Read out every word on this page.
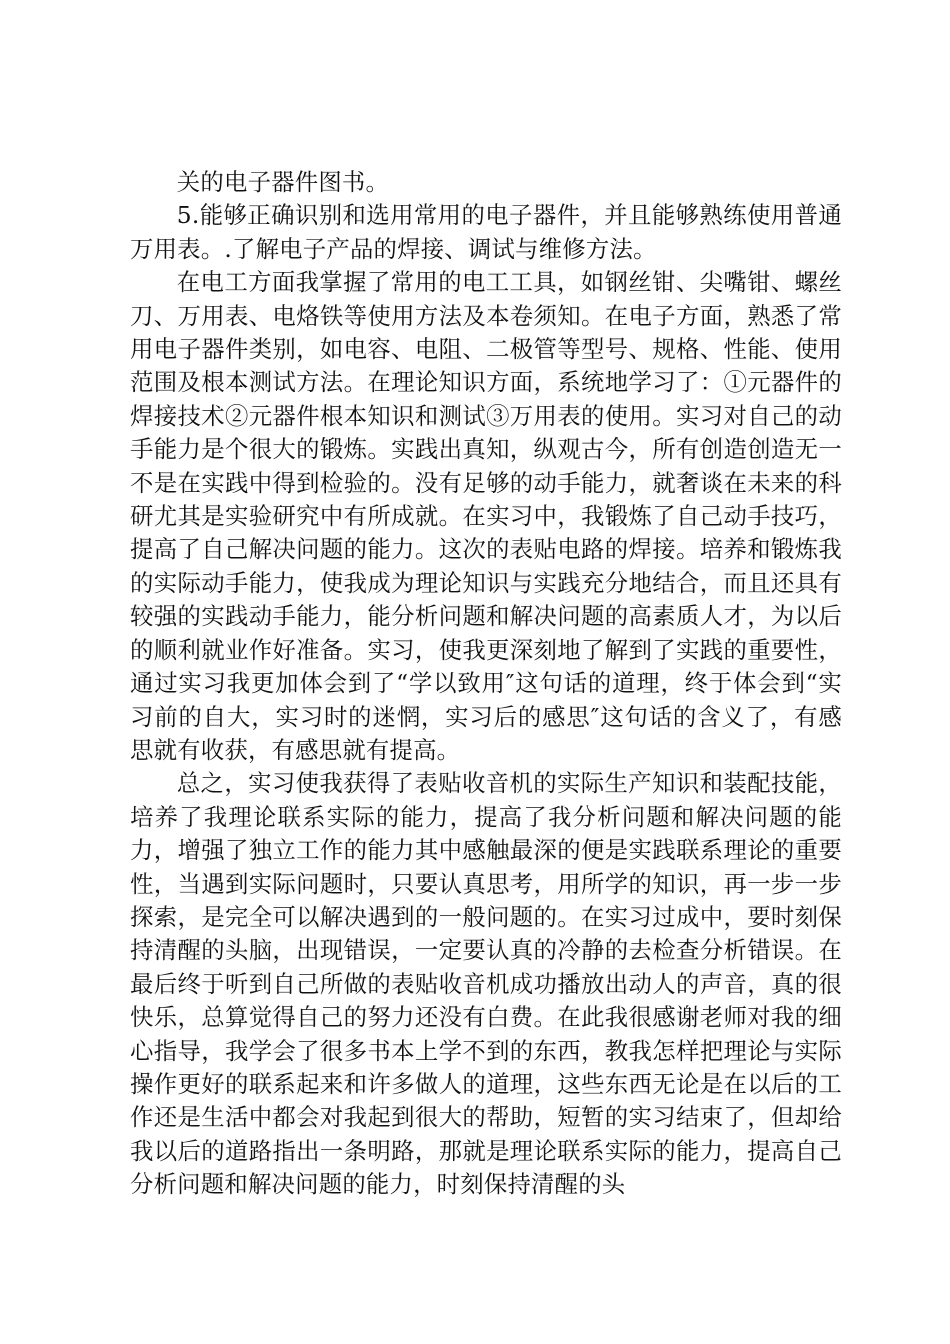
关的电子器件图书。

5.能够正确识别和选用常用的电子器件，并且能够熟练使用普通万用表。.了解电子产品的焊接、调试与维修方法。

在电工方面我掌握了常用的电工工具，如钢丝钳、尖嘴钳、螺丝刀、万用表、电烙铁等使用方法及本卷须知。在电子方面，熟悉了常用电子器件类别，如电容、电阻、二极管等型号、规格、性能、使用范围及根本测试方法。在理论知识方面，系统地学习了：①元器件的焊接技术②元器件根本知识和测试③万用表的使用。实习对自己的动手能力是个很大的锻炼。实践出真知，纵观古今，所有创造创造无一不是在实践中得到检验的。没有足够的动手能力，就奢谈在未来的科研尤其是实验研究中有所成就。在实习中，我锻炼了自己动手技巧，提高了自己解决问题的能力。这次的表贴电路的焊接。培养和锻炼我的实际动手能力，使我成为理论知识与实践充分地结合，而且还具有较强的实践动手能力，能分析问题和解决问题的高素质人才，为以后的顺利就业作好准备。实习，使我更深刻地了解到了实践的重要性，通过实习我更加体会到了“学以致用″这句话的道理，终于体会到“实习前的自大，实习时的迷惘，实习后的感思″这句话的含义了，有感思就有收获，有感思就有提高。

总之，实习使我获得了表贴收音机的实际生产知识和装配技能，培养了我理论联系实际的能力，提高了我分析问题和解决问题的能力，增强了独立工作的能力其中感触最深的便是实践联系理论的重要性，当遇到实际问题时，只要认真思考，用所学的知识，再一步一步探索，是完全可以解决遇到的一般问题的。在实习过成中，要时刻保持清醒的头脑，出现错误，一定要认真的冷静的去检查分析错误。在最后终于听到自己所做的表贴收音机成功播放出动人的声音，真的很快乐，总算觉得自己的努力还没有白费。在此我很感谢老师对我的细心指导，我学会了很多书本上学不到的东西，教我怎样把理论与实际操作更好的联系起来和许多做人的道理，这些东西无论是在以后的工作还是生活中都会对我起到很大的帮助，短暂的实习结束了，但却给我以后的道路指出一条明路，那就是理论联系实际的能力，提高自己分析问题和解决问题的能力，时刻保持清醒的头
